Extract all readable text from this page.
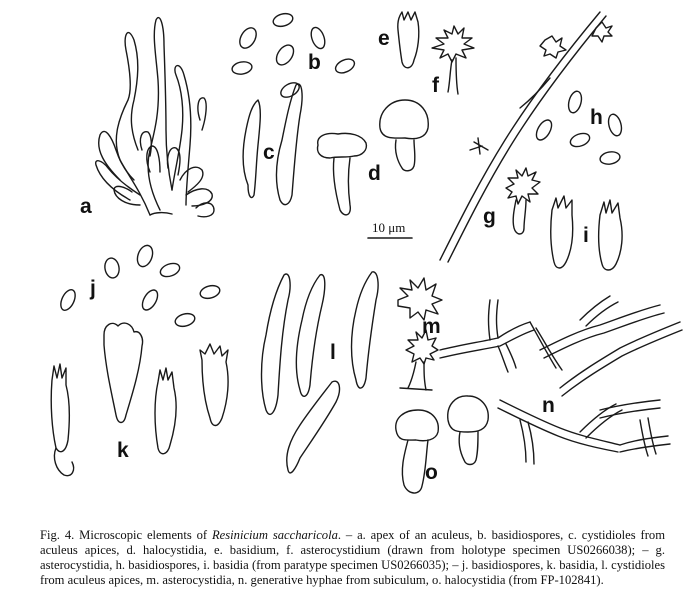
a
b
c
d
e
f
g
h
i
j
k
l
m
n
o
10 μm

Fig. 4. Microscopic elements of Resinicium saccharicola. – a. apex of an aculeus, b. basidiospores, c. cystidioles from aculeus apices, d. halocystidia, e. basidium, f. asterocystidium (drawn from holotype specimen US0266038); – g. asterocystidia, h. basidiospores, i. basidia (from paratype specimen US0266035); – j. basidiospores, k. basidia, l. cystidioles from aculeus apices, m. asterocystidia, n. generative hyphae from subiculum, o. halocystidia (from FP-102841).
